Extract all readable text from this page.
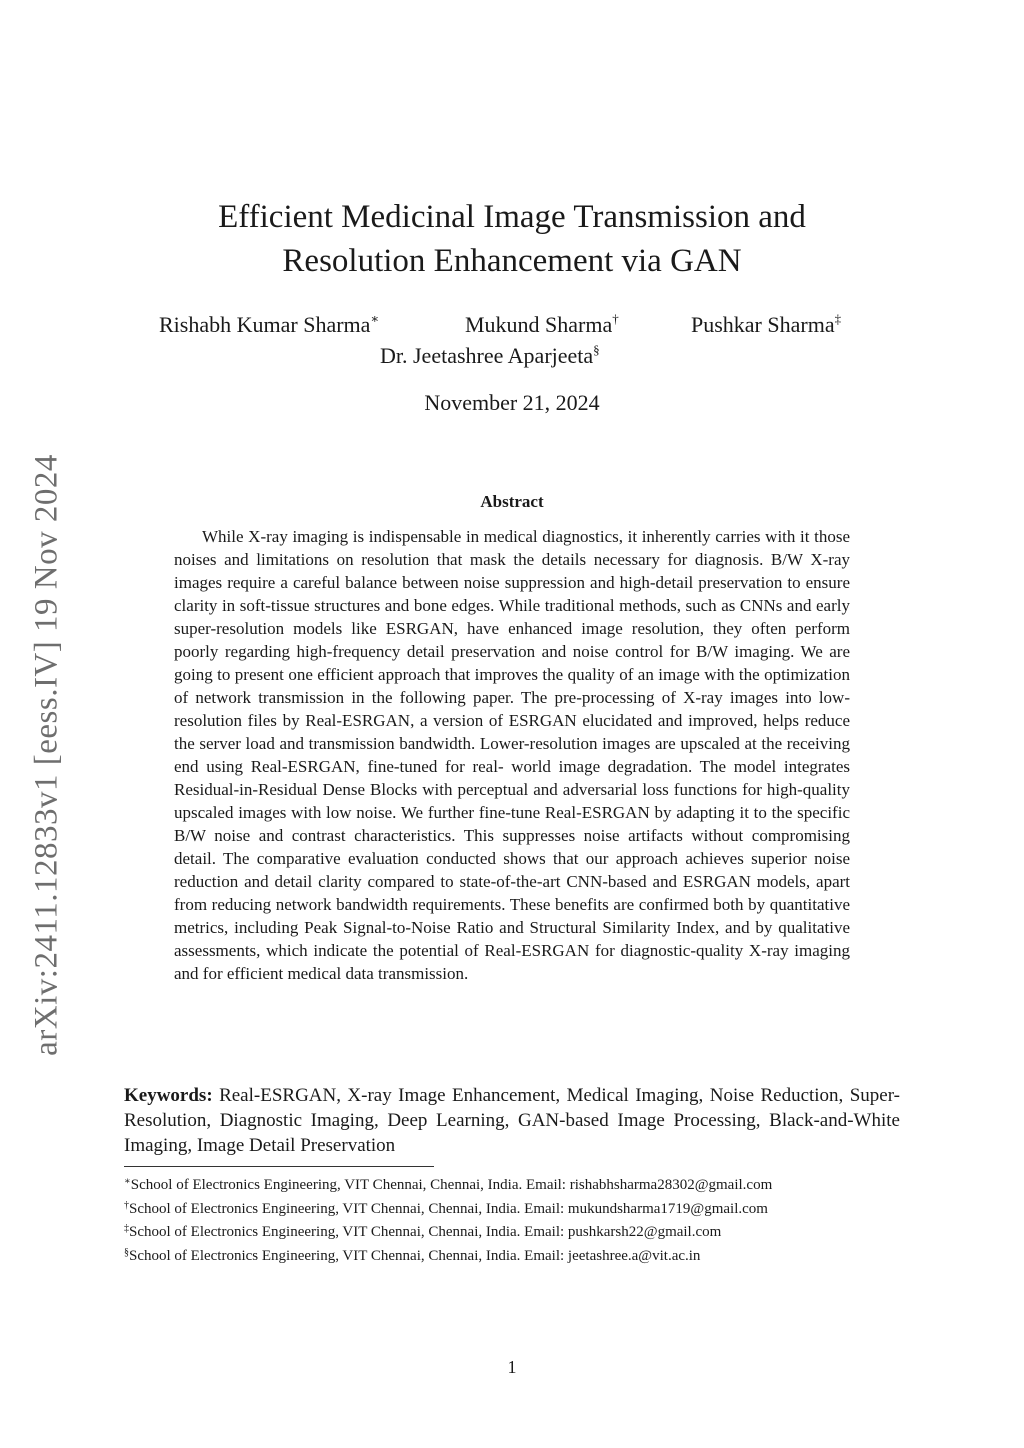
arXiv:2411.12833v1 [eess.IV] 19 Nov 2024
Efficient Medicinal Image Transmission and
Resolution Enhancement via GAN
Rishabh Kumar Sharma∗	Mukund Sharma†	Pushkar Sharma‡
Dr. Jeetashree Aparjeeta§
November 21, 2024
Abstract

While X-ray imaging is indispensable in medical diagnostics, it inherently carries with it those noises and limitations on resolution that mask the details necessary for diagnosis. B/W X-ray images require a careful balance between noise suppression and high-detail preservation to ensure clarity in soft-tissue structures and bone edges. While traditional methods, such as CNNs and early super-resolution models like ESRGAN, have enhanced image resolution, they often perform poorly regarding high-frequency detail preservation and noise control for B/W imaging. We are going to present one efficient approach that improves the quality of an image with the optimization of network transmission in the following paper. The pre-processing of X-ray images into low-resolution files by Real-ESRGAN, a version of ESRGAN elucidated and improved, helps reduce the server load and transmission bandwidth. Lower-resolution images are upscaled at the receiving end using Real-ESRGAN, fine-tuned for real- world image degradation. The model integrates Residual-in-Residual Dense Blocks with perceptual and adversarial loss functions for high-quality upscaled images with low noise. We further fine-tune Real-ESRGAN by adapting it to the specific B/W noise and contrast characteristics. This suppresses noise artifacts without compromising detail. The comparative evaluation conducted shows that our approach achieves superior noise reduction and detail clarity compared to state-of-the-art CNN-based and ESRGAN models, apart from reducing network bandwidth requirements. These benefits are confirmed both by quantitative metrics, including Peak Signal-to-Noise Ratio and Structural Similarity Index, and by qualitative assessments, which indicate the potential of Real-ESRGAN for diagnostic-quality X-ray imaging and for efficient medical data transmission.

Keywords: Real-ESRGAN, X-ray Image Enhancement, Medical Imaging, Noise Reduction, Super-Resolution, Diagnostic Imaging, Deep Learning, GAN-based Image Processing, Black-and-White Imaging, Image Detail Preservation

∗School of Electronics Engineering, VIT Chennai, Chennai, India. Email: rishabhsharma28302@gmail.com

†School of Electronics Engineering, VIT Chennai, Chennai, India. Email: mukundsharma1719@gmail.com

‡School of Electronics Engineering, VIT Chennai, Chennai, India. Email: pushkarsh22@gmail.com

§School of Electronics Engineering, VIT Chennai, Chennai, India. Email: jeetashree.a@vit.ac.in

1
